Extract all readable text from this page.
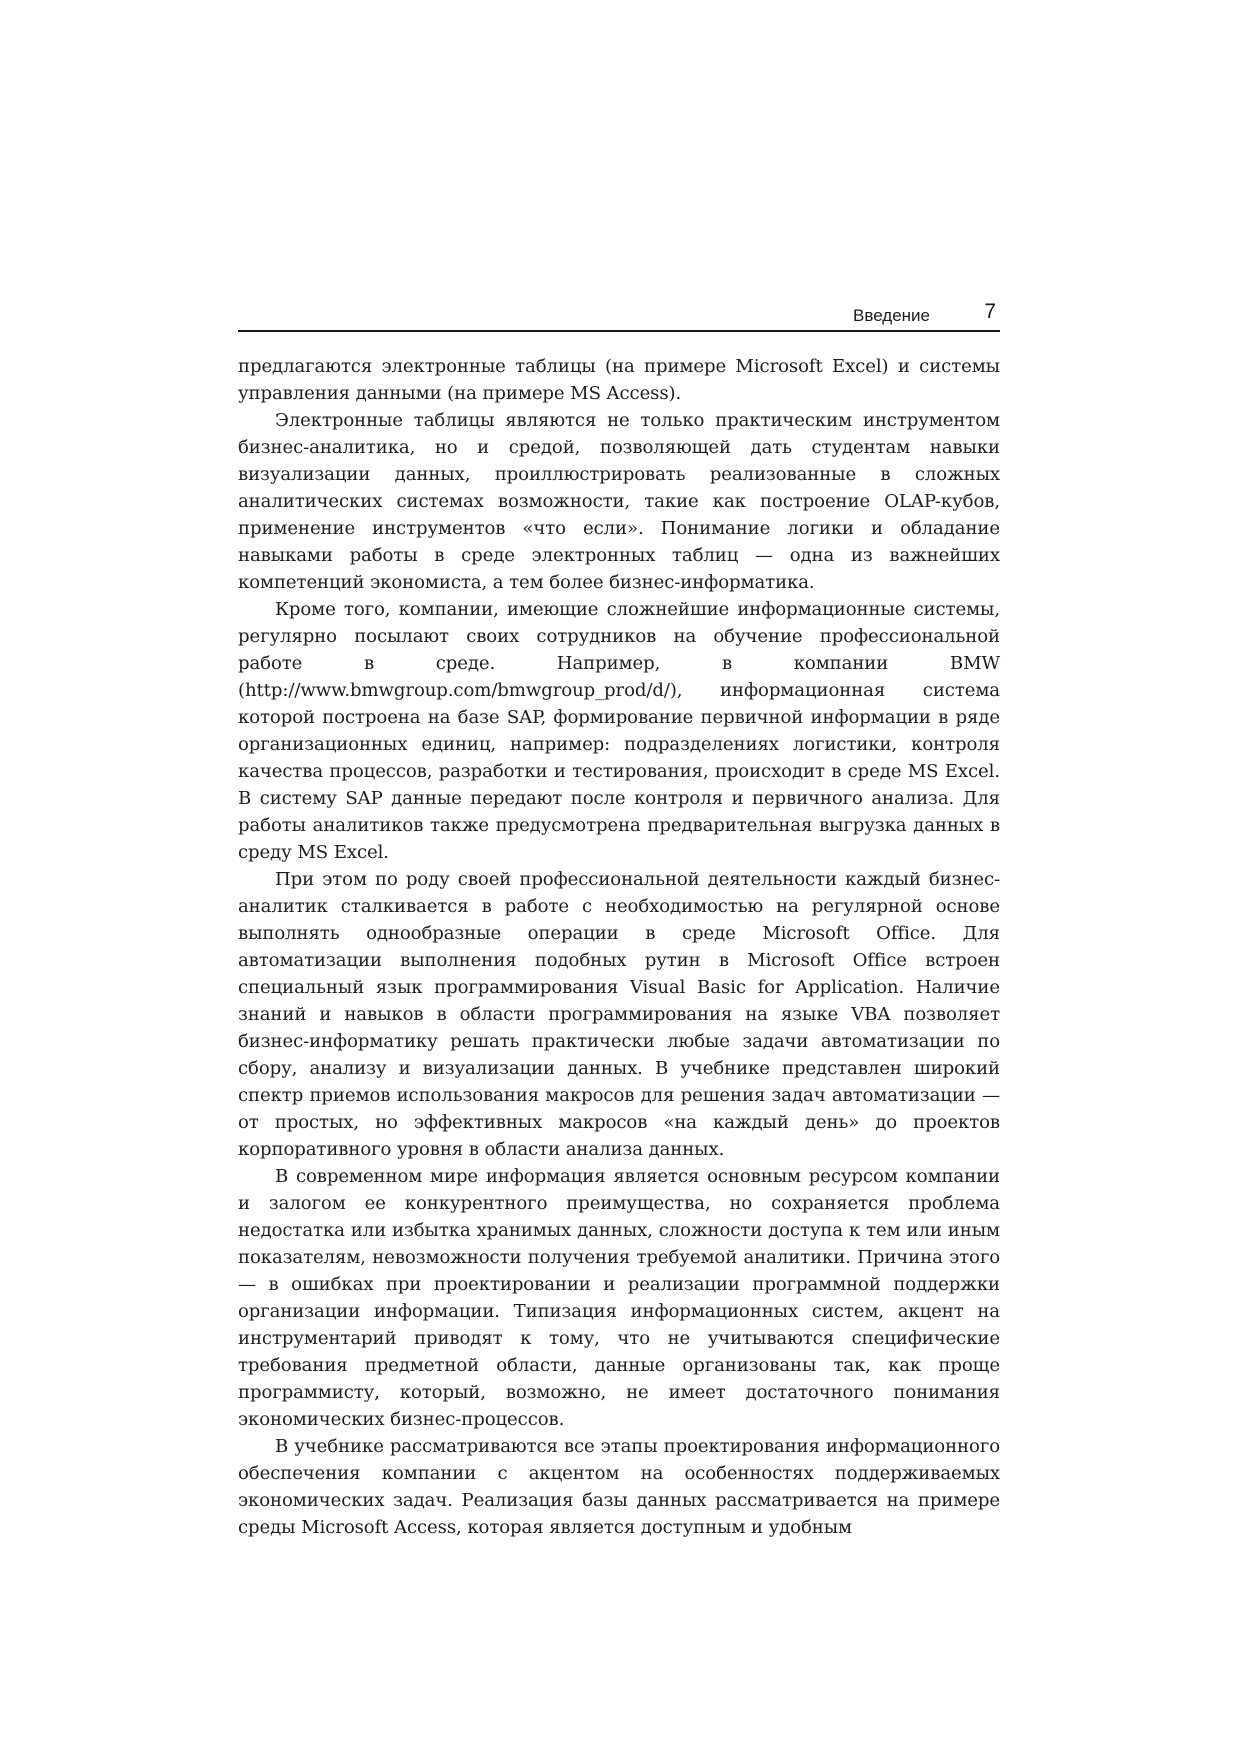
Введение	7

предлагаются электронные таблицы (на примере Microsoft Excel) и системы управления данными (на примере MS Access).

Электронные таблицы являются не только практическим инструментом бизнес-аналитика, но и средой, позволяющей дать студентам навыки визуализации данных, проиллюстрировать реализованные в сложных аналитических системах возможности, такие как построение OLAP-кубов, применение инструментов «что если». Понимание логики и обладание навыками работы в среде электронных таблиц — одна из важнейших компетенций экономиста, а тем более бизнес-информатика.

Кроме того, компании, имеющие сложнейшие информационные системы, регулярно посылают своих сотрудников на обучение профессиональной работе в среде. Например, в компании BMW (http://www.bmwgroup.com/bmwgroup_prod/d/), информационная система которой построена на базе SAP, формирование первичной информации в ряде организационных единиц, например: подразделениях логистики, контроля качества процессов, разработки и тестирования, происходит в среде MS Excel. В систему SAP данные передают после контроля и первичного анализа. Для работы аналитиков также предусмотрена предварительная выгрузка данных в среду MS Excel.

При этом по роду своей профессиональной деятельности каждый бизнес-аналитик сталкивается в работе с необходимостью на регулярной основе выполнять однообразные операции в среде Microsoft Office. Для автоматизации выполнения подобных рутин в Microsoft Office встроен специальный язык программирования Visual Basic for Application. Наличие знаний и навыков в области программирования на языке VBA позволяет бизнес-информатику решать практически любые задачи автоматизации по сбору, анализу и визуализации данных. В учебнике представлен широкий спектр приемов использования макросов для решения задач автоматизации — от простых, но эффективных макросов «на каждый день» до проектов корпоративного уровня в области анализа данных.

В современном мире информация является основным ресурсом компании и залогом ее конкурентного преимущества, но сохраняется проблема недостатка или избытка хранимых данных, сложности доступа к тем или иным показателям, невозможности получения требуемой аналитики. Причина этого — в ошибках при проектировании и реализации программной поддержки организации информации. Типизация информационных систем, акцент на инструментарий приводят к тому, что не учитываются специфические требования предметной области, данные организованы так, как проще программисту, который, возможно, не имеет достаточного понимания экономических бизнес-процессов.

В учебнике рассматриваются все этапы проектирования информационного обеспечения компании с акцентом на особенностях поддерживаемых экономических задач. Реализация базы данных рассматривается на примере среды Microsoft Access, которая является доступным и удобным
